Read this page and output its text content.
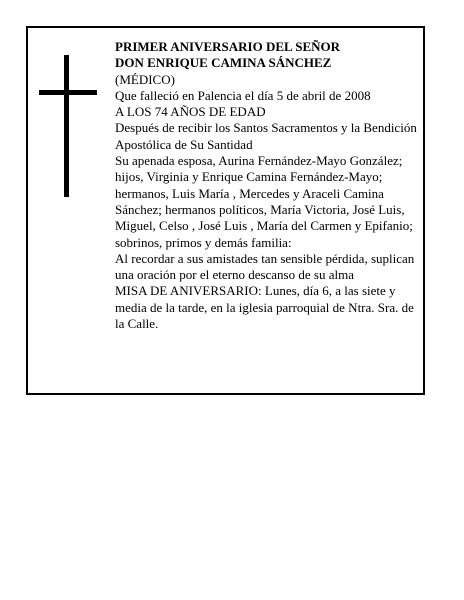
PRIMER ANIVERSARIO DEL SEÑOR
DON ENRIQUE CAMINA SÁNCHEZ
(MÉDICO)
Que falleció en Palencia el día 5 de abril de 2008
A LOS 74 AÑOS DE EDAD
Después de recibir los Santos Sacramentos y la Bendición Apostólica de Su Santidad
Su apenada esposa, Aurina Fernández-Mayo González; hijos, Virginia y Enrique Camina Fernández-Mayo; hermanos, Luis María , Mercedes y Araceli Camina Sánchez; hermanos políticos, María Victoria, José Luis, Miguel, Celso , José Luis , María del Carmen y Epifanio; sobrinos, primos y demás familia:
Al recordar a sus amistades tan sensible pérdida, suplican una oración por el eterno descanso de su alma
MISA DE ANIVERSARIO: Lunes, día 6, a las siete y media de la tarde, en la iglesia parroquial de Ntra. Sra. de la Calle.
